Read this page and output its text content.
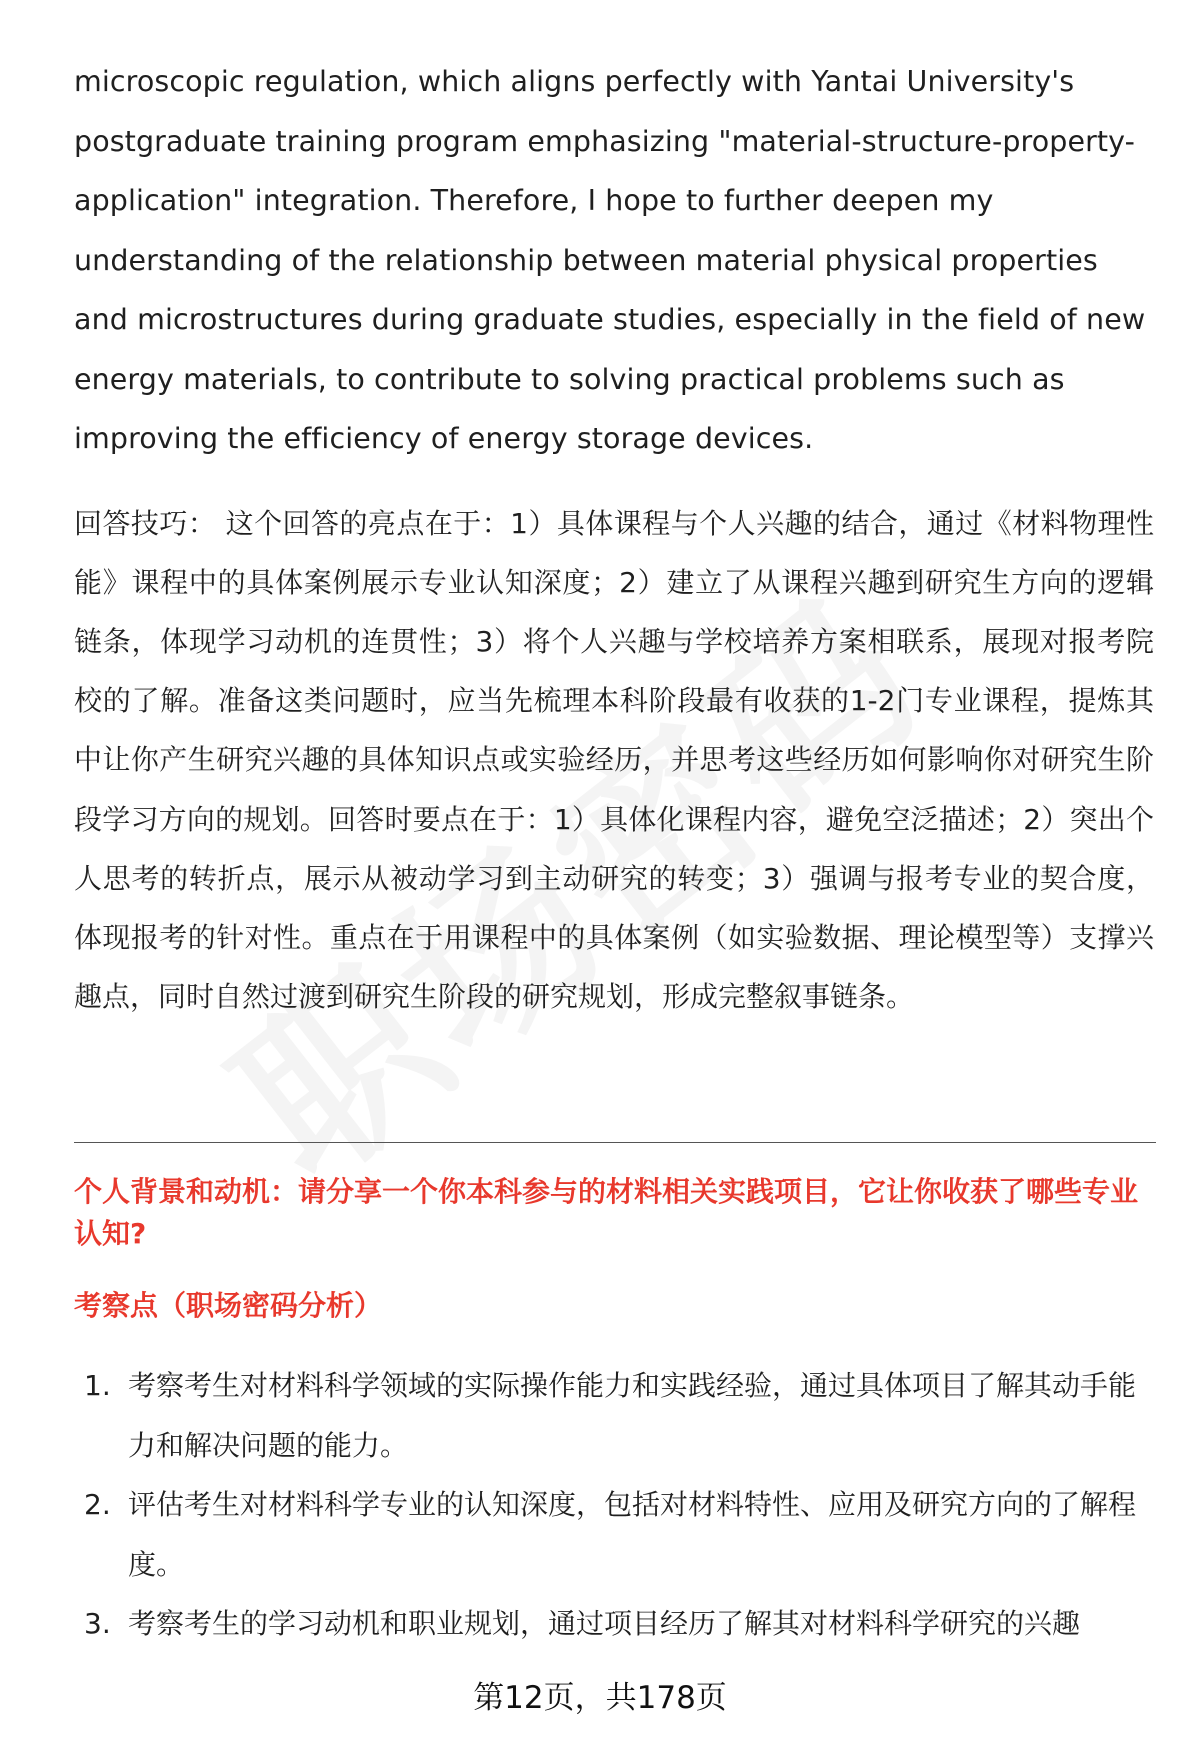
microscopic regulation, which aligns perfectly with Yantai University's postgraduate training program emphasizing "material-structure-property-application" integration. Therefore, I hope to further deepen my understanding of the relationship between material physical properties and microstructures during graduate studies, especially in the field of new energy materials, to contribute to solving practical problems such as improving the efficiency of energy storage devices.

回答技巧： 这个回答的亮点在于：1）具体课程与个人兴趣的结合，通过《材料物理性能》课程中的具体案例展示专业认知深度；2）建立了从课程兴趣到研究生方向的逻辑链条，体现学习动机的连贯性；3）将个人兴趣与学校培养方案相联系，展现对报考院校的了解。准备这类问题时，应当先梳理本科阶段最有收获的1-2门专业课程，提炼其中让你产生研究兴趣的具体知识点或实验经历，并思考这些经历如何影响你对研究生阶段学习方向的规划。回答时要点在于：1）具体化课程内容，避免空泛描述；2）突出个人思考的转折点，展示从被动学习到主动研究的转变；3）强调与报考专业的契合度，体现报考的针对性。重点在于用课程中的具体案例（如实验数据、理论模型等）支撑兴趣点，同时自然过渡到研究生阶段的研究规划，形成完整叙事链条。

个人背景和动机：请分享一个你本科参与的材料相关实践项目，它让你收获了哪些专业认知?

考察点（职场密码分析）

1. 考察考生对材料科学领域的实际操作能力和实践经验，通过具体项目了解其动手能力和解决问题的能力。
2. 评估考生对材料科学专业的认知深度，包括对材料特性、应用及研究方向的了解程度。
3. 考察考生的学习动机和职业规划，通过项目经历了解其对材料科学研究的兴趣
第12页，共178页
